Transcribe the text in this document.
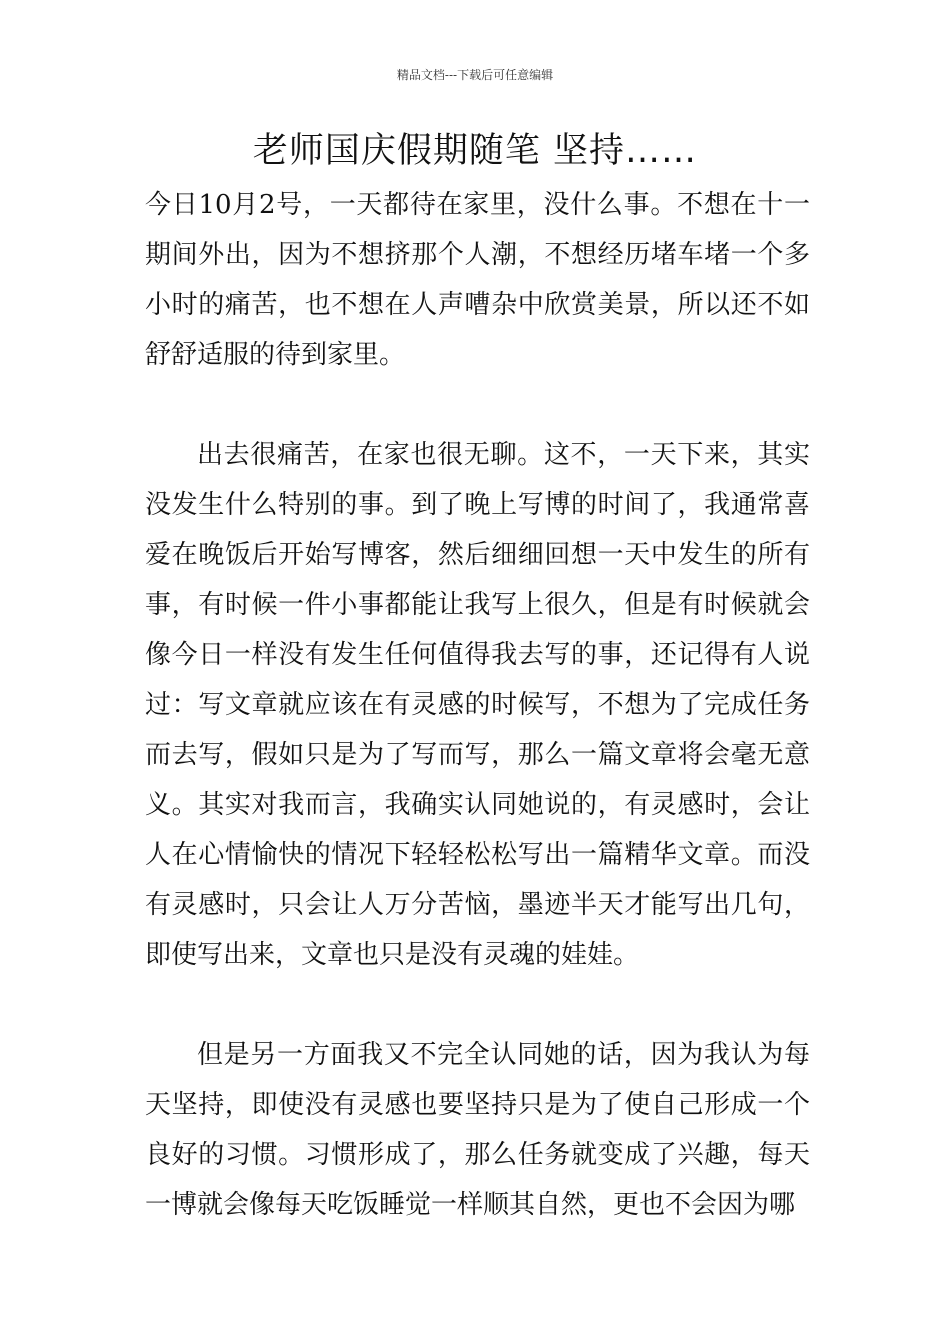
精品文档---下载后可任意编辑
老师国庆假期随笔 坚持……

今日10月2号，一天都待在家里，没什么事。不想在十一期间外出，因为不想挤那个人潮，不想经历堵车堵一个多小时的痛苦，也不想在人声嘈杂中欣赏美景，所以还不如舒舒适服的待到家里。

出去很痛苦，在家也很无聊。这不，一天下来，其实没发生什么特别的事。到了晚上写博的时间了，我通常喜爱在晚饭后开始写博客，然后细细回想一天中发生的所有事，有时候一件小事都能让我写上很久，但是有时候就会像今日一样没有发生任何值得我去写的事，还记得有人说过：写文章就应该在有灵感的时候写，不想为了完成任务而去写，假如只是为了写而写，那么一篇文章将会毫无意义。其实对我而言，我确实认同她说的，有灵感时，会让人在心情愉快的情况下轻轻松松写出一篇精华文章。而没有灵感时，只会让人万分苦恼，墨迹半天才能写出几句，即使写出来，文章也只是没有灵魂的娃娃。

但是另一方面我又不完全认同她的话，因为我认为每天坚持，即使没有灵感也要坚持只是为了使自己形成一个良好的习惯。习惯形成了，那么任务就变成了兴趣，每天一博就会像每天吃饭睡觉一样顺其自然，更也不会因为哪
